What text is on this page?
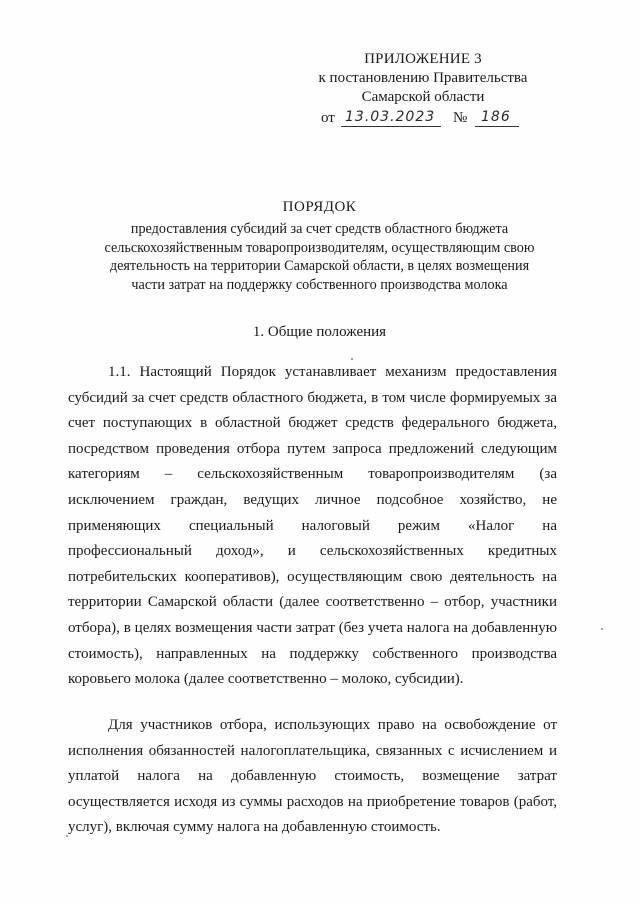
ПРИЛОЖЕНИЕ 3
к постановлению Правительства
Самарской области
от 13.03.2023 № 186
ПОРЯДОК
предоставления субсидий за счет средств областного бюджета сельскохозяйственным товаропроизводителям, осуществляющим свою деятельность на территории Самарской области, в целях возмещения части затрат на поддержку собственного производства молока
1. Общие положения
1.1. Настоящий Порядок устанавливает механизм предоставления субсидий за счет средств областного бюджета, в том числе формируемых за счет поступающих в областной бюджет средств федерального бюджета, посредством проведения отбора путем запроса предложений следующим категориям – сельскохозяйственным товаропроизводителям (за исключением граждан, ведущих личное подсобное хозяйство, не применяющих специальный налоговый режим «Налог на профессиональный доход», и сельскохозяйственных кредитных потребительских кооперативов), осуществляющим свою деятельность на территории Самарской области (далее соответственно – отбор, участники отбора), в целях возмещения части затрат (без учета налога на добавленную стоимость), направленных на поддержку собственного производства коровьего молока (далее соответственно – молоко, субсидии).
Для участников отбора, использующих право на освобождение от исполнения обязанностей налогоплательщика, связанных с исчислением и уплатой налога на добавленную стоимость, возмещение затрат осуществляется исходя из суммы расходов на приобретение товаров (работ, услуг), включая сумму налога на добавленную стоимость.
